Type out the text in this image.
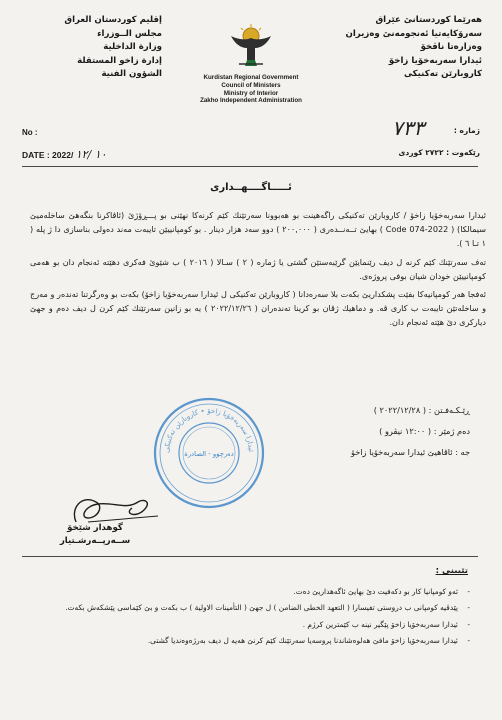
إقليم كوردستان العراق
مجلس الــوزراء
وزارة الداخلية
إدارة زاخو المستقلة
الشؤون الفنية	Kurdistan Regional Government
Council of Ministers
Ministry of Interior
Zakho Independent Administration
هەرێما كوردستانێ عێراق
سەرۆكایەتیا ئەنجومەنێ وەزیران
وەزارەتا ناڤخۆ
ئیدارا سەربەخۆیا زاخۆ
كاروبارێن تەكنیكی
No :
DATE : 2022/ ١٠ /١٢
٧٣٣	ژمارە :
رێكەوت : ٢٧٢٢ كوردی
ئـــــاگــــهــداری

ئیدارا سەربەخۆیا زاخۆ / كاروبارێن تەكنیكی راگەهینت بو هەبوونا سەرتێنك كێم كرنەكا نهێنی بو پـــڕۆژێ (ئاڤاكرنا بنگەهێ ساخلەمیێ سیمالكا) ( Code 074-2022 ) بهایێ تــەنــدەری ( ٢٠٠,٠٠٠ ) دوو سەد هزار دینار . بو كومپانییێن تایبەت مەند دەولی بناسازی دا ژ پلە ( ١ تـا ٦ ).

تەف سەرتێنك كێم كرنە ل دیف رێنمایێن گرێبەستێن گشتی یا ژمارە ( ٢ ) سـالا ( ٢٠١٦ ) ب شێوێ فەكری دهێتە ئەنجام دان بو هەمی كومپانییێن خودان شیان بوفی پروژەی.

ئەفجا هەر كومپانیەكا بفێت پشكداریێ بكەت بلا سەرەدانا ( كاروبارێن تەكنیكی ل ئیدارا سەربەخۆیا زاخۆ) بكەت بو وەرگرتنا تەندەر و مەرج و ساخلەتێن تایبەت ب كاری ڤە. و دماهیك ژڤان بو كرینا تەندەران ( ٢٠٢٢/١٢/٢٦ ) یە بو زانین سەرتێنك كێم كرن ل دیف دەم و جهێ دیاركری دێ هێتە ئەنجام دان.

ڕێـكـەفـتن : ( ٢٠٢٢/١٢/٢٨ )
دەم ژمێر : ( ١٢:٠٠ نیڤرو )
جه : ئاڤاهیێ ئیدارا سەربەخۆیا زاخۆ
ئیدارا سەربەخۆیا زاخۆ • كاروبارێن تەكنیكی
دەرچوو - الصادرة
گوهدار شێخۆ
ســەرپــەرشـتیار
تێبینی :
- ئەو كومپانیا كار بو دكەفیت دێ بهایێ ئاگەهداریێ دەت.
- پێدڤیە كومپانی ب دروستی تفیسارا ( التعهد الخطی الضامن ) ل جهێ ( التأمینات الاولیة ) ب بكەت و بێ كێماسی پێشكەش بكەت.
- ئیدارا سەربەخۆیا زاخۆ پێگیر نینە ب كێمترین كرژم .
- ئیدارا سەربەخۆیا زاخۆ مافێ هەلوەشاندنا پروسەیا سەرتێنك كێم كرنێ هەیە ل دیف بەرژەوەندیا گشتی.
